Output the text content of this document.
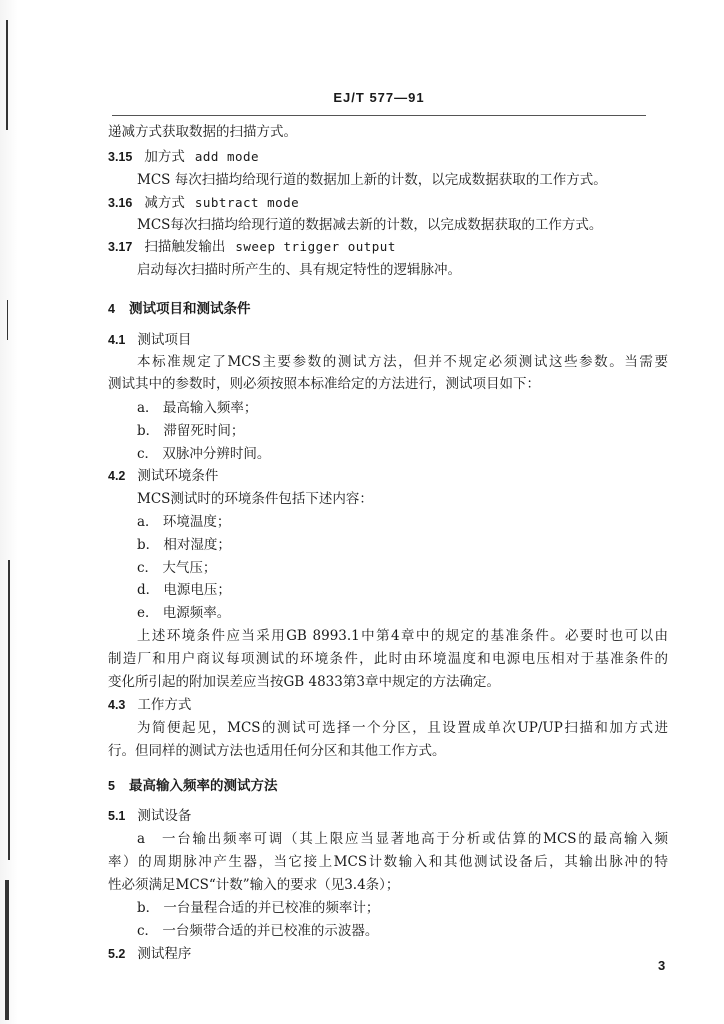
EJ/T 577—91
递减方式获取数据的扫描方式。
3.15 加方式 add mode
MCS 每次扫描均给现行道的数据加上新的计数，以完成数据获取的工作方式。
3.16 减方式 subtract mode
MCS每次扫描均给现行道的数据减去新的计数，以完成数据获取的工作方式。
3.17 扫描触发输出 sweep trigger output
启动每次扫描时所产生的、具有规定特性的逻辑脉冲。
4 测试项目和测试条件
4.1 测试项目
本标准规定了MCS主要参数的测试方法，但并不规定必须测试这些参数。当需要
测试其中的参数时，则必须按照本标准给定的方法进行，测试项目如下：
a． 最高输入频率；
b． 滞留死时间；
c． 双脉冲分辨时间。
4.2 测试环境条件
MCS测试时的环境条件包括下述内容：
a． 环境温度；
b． 相对湿度；
c． 大气压；
d． 电源电压；
e． 电源频率。
上述环境条件应当采用GB 8993.1中第4章中的规定的基准条件。必要时也可以由
制造厂和用户商议每项测试的环境条件，此时由环境温度和电源电压相对于基准条件的
变化所引起的附加误差应当按GB 4833第3章中规定的方法确定。
4.3 工作方式
为简便起见，MCS的测试可选择一个分区，且设置成单次UP/UP扫描和加方式进
行。但同样的测试方法也适用任何分区和其他工作方式。
5 最高输入频率的测试方法
5.1 测试设备
a　一台输出频率可调（其上限应当显著地高于分析或估算的MCS的最高输入频
率）的周期脉冲产生器，当它接上MCS计数输入和其他测试设备后，其输出脉冲的特
性必须满足MCS“计数”输入的要求（见3.4条）；
b． 一台量程合适的并已校准的频率计；
c． 一台频带合适的并已校准的示波器。
5.2 测试程序
3
